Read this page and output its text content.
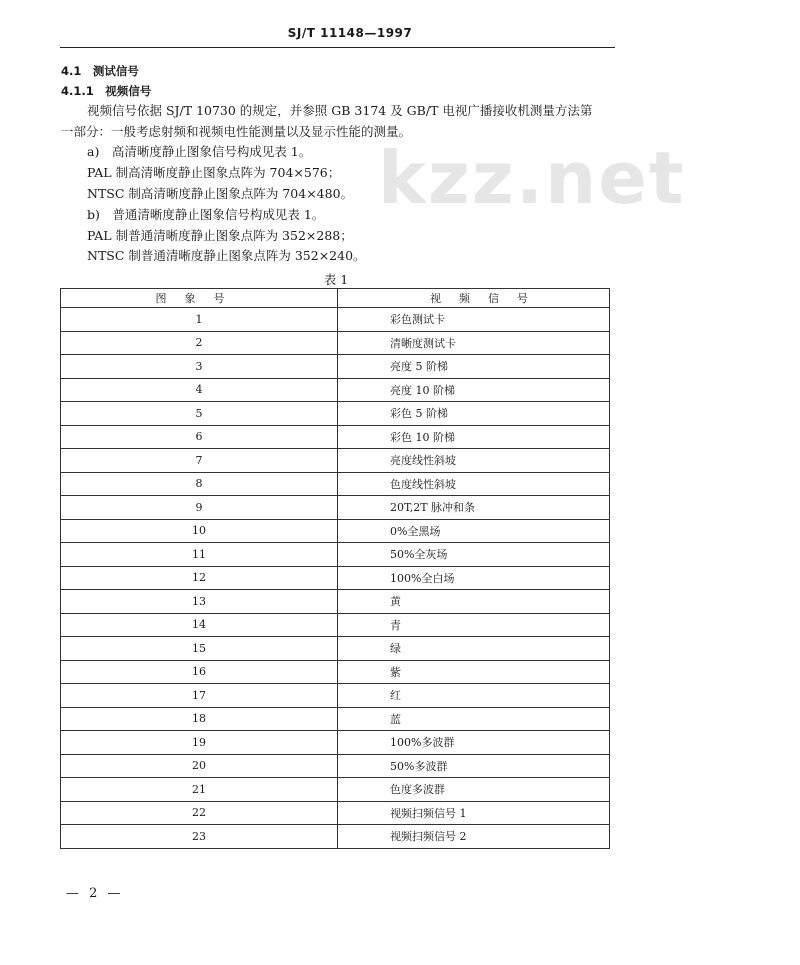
SJ/T 11148—1997
kzz.net
4.1　测试信号
4.1.1　视频信号
视频信号依据 SJ/T 10730 的规定，并参照 GB 3174 及 GB/T 电视广播接收机测量方法第
一部分：一般考虑射频和视频电性能测量以及显示性能的测量。
a)　高清晰度静止图象信号构成见表 1。
PAL 制高清晰度静止图象点阵为 704×576；
NTSC 制高清晰度静止图象点阵为 704×480。
b)　普通清晰度静止图象信号构成见表 1。
PAL 制普通清晰度静止图象点阵为 352×288；
NTSC 制普通清晰度静止图象点阵为 352×240。
表 1
图象号	视频信号
1	彩色测试卡
2	清晰度测试卡
3	亮度 5 阶梯
4	亮度 10 阶梯
5	彩色 5 阶梯
6	彩色 10 阶梯
7	亮度线性斜坡
8	色度线性斜坡
9	20T,2T 脉冲和条
10	0%全黑场
11	50%全灰场
12	100%全白场
13	黄
14	青
15	绿
16	紫
17	红
18	蓝
19	100%多波群
20	50%多波群
21	色度多波群
22	视频扫频信号 1
23	视频扫频信号 2
— 2 —
